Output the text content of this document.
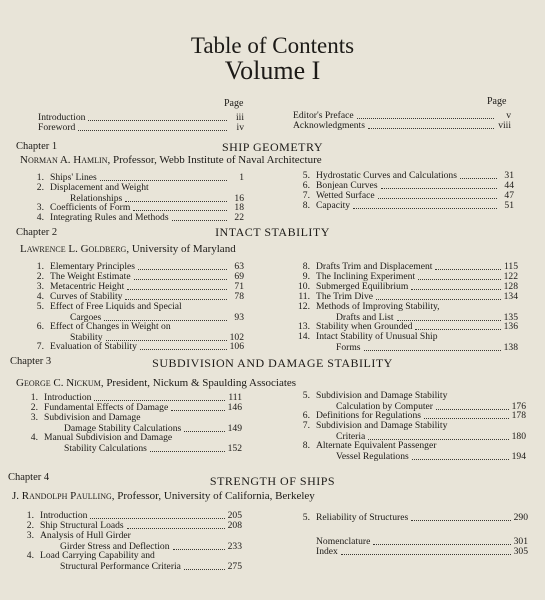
Table of Contents
Volume I
Page	Page
Introduction	iii
Foreword	iv
Editor's Preface	v
Acknowledgments	viii
Chapter 1	SHIP GEOMETRY
Norman A. Hamlin, Professor, Webb Institute of Naval Architecture
1. Ships' Lines	1
2. Displacement and Weight
Relationships	16
3. Coefficients of Form	18
4. Integrating Rules and Methods	22
5. Hydrostatic Curves and Calculations	31
6. Bonjean Curves	44
7. Wetted Surface	47
8. Capacity	51
Chapter 2	INTACT STABILITY
Lawrence L. Goldberg, University of Maryland
1. Elementary Principles	63
2. The Weight Estimate	69
3. Metacentric Height	71
4. Curves of Stability	78
5. Effect of Free Liquids and Special
Cargoes	93
6. Effect of Changes in Weight on
Stability	102
7. Evaluation of Stability	106
8. Drafts Trim and Displacement	115
9. The Inclining Experiment	122
10. Submerged Equilibrium	128
11. The Trim Dive	134
12. Methods of Improving Stability,
Drafts and List	135
13. Stability when Grounded	136
14. Intact Stability of Unusual Ship
Forms	138
Chapter 3	SUBDIVISION AND DAMAGE STABILITY
George C. Nickum, President, Nickum & Spaulding Associates
1. Introduction	111
2. Fundamental Effects of Damage	146
3. Subdivision and Damage
Damage Stability Calculations	149
4. Manual Subdivision and Damage
Stability Calculations	152
5. Subdivision and Damage Stability
Calculation by Computer	176
6. Definitions for Regulations	178
7. Subdivision and Damage Stability
Criteria	180
8. Alternate Equivalent Passenger
Vessel Regulations	194
Chapter 4	STRENGTH OF SHIPS
J. Randolph Paulling, Professor, University of California, Berkeley
1. Introduction	205
2. Ship Structural Loads	208
3. Analysis of Hull Girder
Girder Stress and Deflection	233
4. Load Carrying Capability and
Structural Performance Criteria	275
5. Reliability of Structures	290
Nomenclature	301
Index	305
